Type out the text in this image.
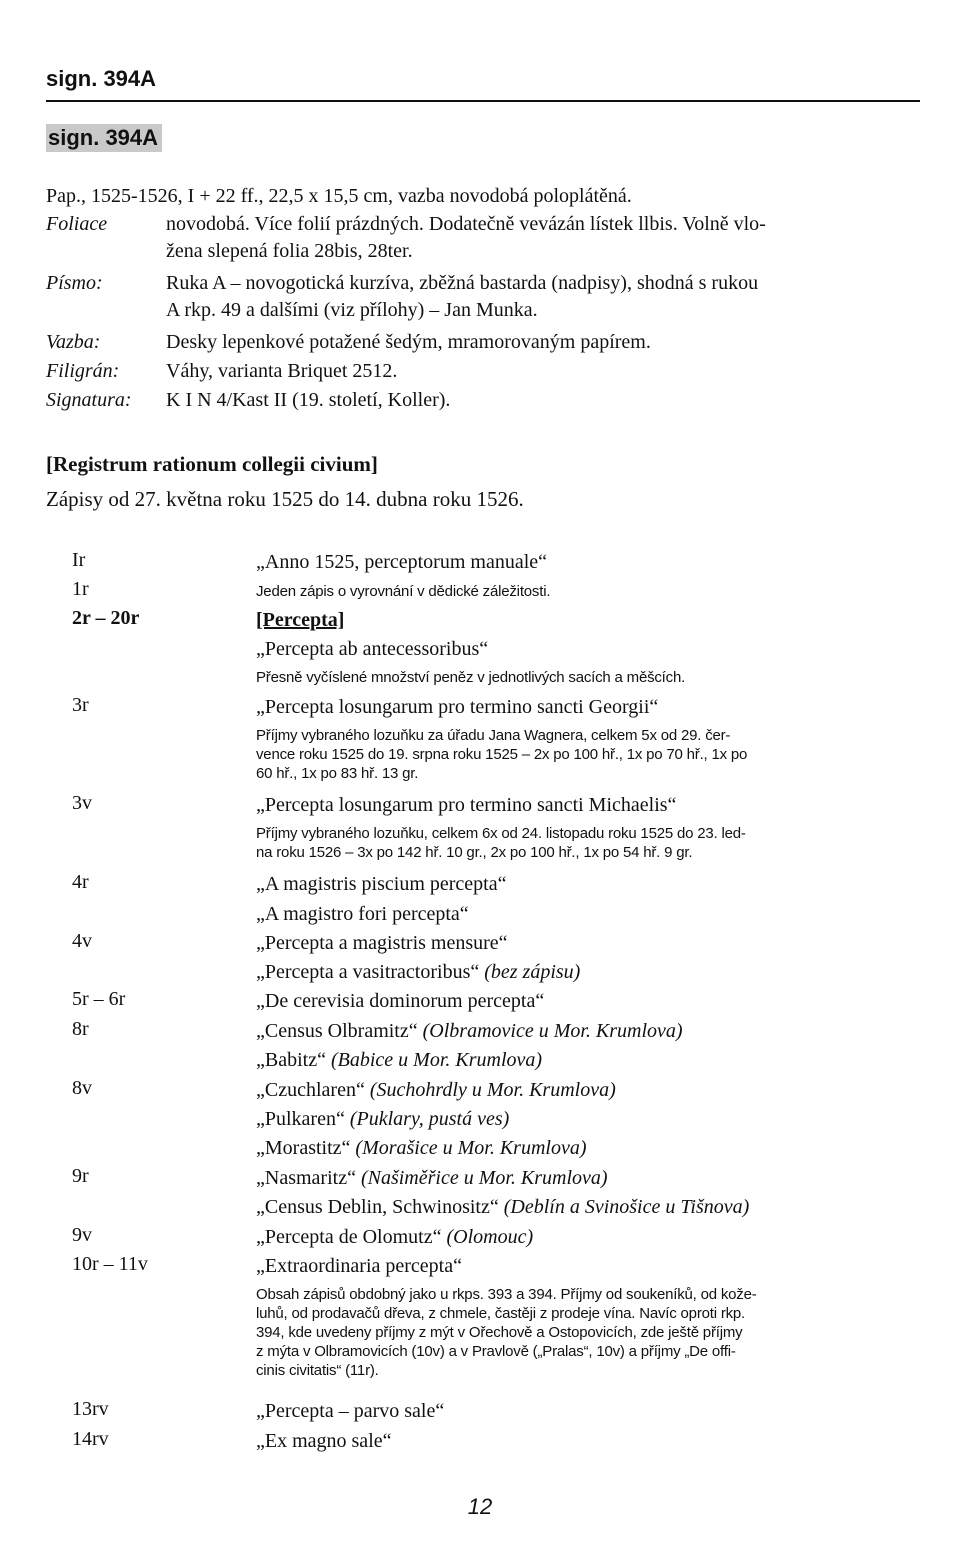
sign. 394A
sign. 394A
Pap., 1525-1526, I + 22 ff., 22,5 x 15,5 cm, vazba novodobá poloplátěná.
Foliace	novodobá. Více folií prázdných. Dodatečně vevázán lístek llbis. Volně vlo-
žena slepená folia 28bis, 28ter.
Písmo:	Ruka A – novogotická kurzíva, zběžná bastarda (nadpisy), shodná s rukou
A rkp. 49 a dalšími (viz přílohy) – Jan Munka.
Vazba:	Desky lepenkové potažené šedým, mramorovaným papírem.
Filigrán: Váhy, varianta Briquet 2512.
Signatura: K I N 4/Kast II (19. století, Koller).
[Registrum rationum collegii civium]
Zápisy od 27. května roku 1525 do 14. dubna roku 1526.
Ir	„Anno 1525, perceptorum manuale“
1r	Jeden zápis o vyrovnání v dědické záležitosti.
2r – 20r	[Percepta]
„Percepta ab antecessoribus“
Přesně vyčíslené množství peněz v jednotlivých sacích a měšcích.
3r	„Percepta losungarum pro termino sancti Georgii“
Příjmy vybraného lozuňku za úřadu Jana Wagnera, celkem 5x od 29. čer-
vence roku 1525 do 19. srpna roku 1525 – 2x po 100 hř., 1x po 70 hř., 1x po
60 hř., 1x po 83 hř. 13 gr.
3v	„Percepta losungarum pro termino sancti Michaelis“
Příjmy vybraného lozuňku, celkem 6x od 24. listopadu roku 1525 do 23. led-
na roku 1526 – 3x po 142 hř. 10 gr., 2x po 100 hř., 1x po 54 hř. 9 gr.
4r	„A magistris piscium percepta“
„A magistro fori percepta“
4v	„Percepta a magistris mensure“
„Percepta a vasitractoribus“ (bez zápisu)
5r – 6r	„De cerevisia dominorum percepta“
8r	„Census Olbramitz“ (Olbramovice u Mor. Krumlova)
„Babitz“ (Babice u Mor. Krumlova)
8v	„Czuchlaren“ (Suchohrdly u Mor. Krumlova)
„Pulkaren“ (Puklary, pustá ves)
„Morastitz“ (Morašice u Mor. Krumlova)
9r	„Nasmaritz“ (Našiměřice u Mor. Krumlova)
„Census Deblin, Schwinositz“ (Deblín a Svinošice u Tišnova)
9v	„Percepta de Olomutz“ (Olomouc)
10r – 11v	„Extraordinaria percepta“
Obsah zápisů obdobný jako u rkps. 393 a 394. Příjmy od soukeníků, od kože-
luhů, od prodavačů dřeva, z chmele, častěji z prodeje vína. Navíc oproti rkp.
394, kde uvedeny příjmy z mýt v Ořechově a Ostopovicích, zde ještě příjmy
z mýta v Olbramovicích (10v) a v Pravlově („Pralas“, 10v) a příjmy „De offi-
cinis civitatis“ (11r).
13rv	„Percepta – parvo sale“
14rv	„Ex magno sale“
12
